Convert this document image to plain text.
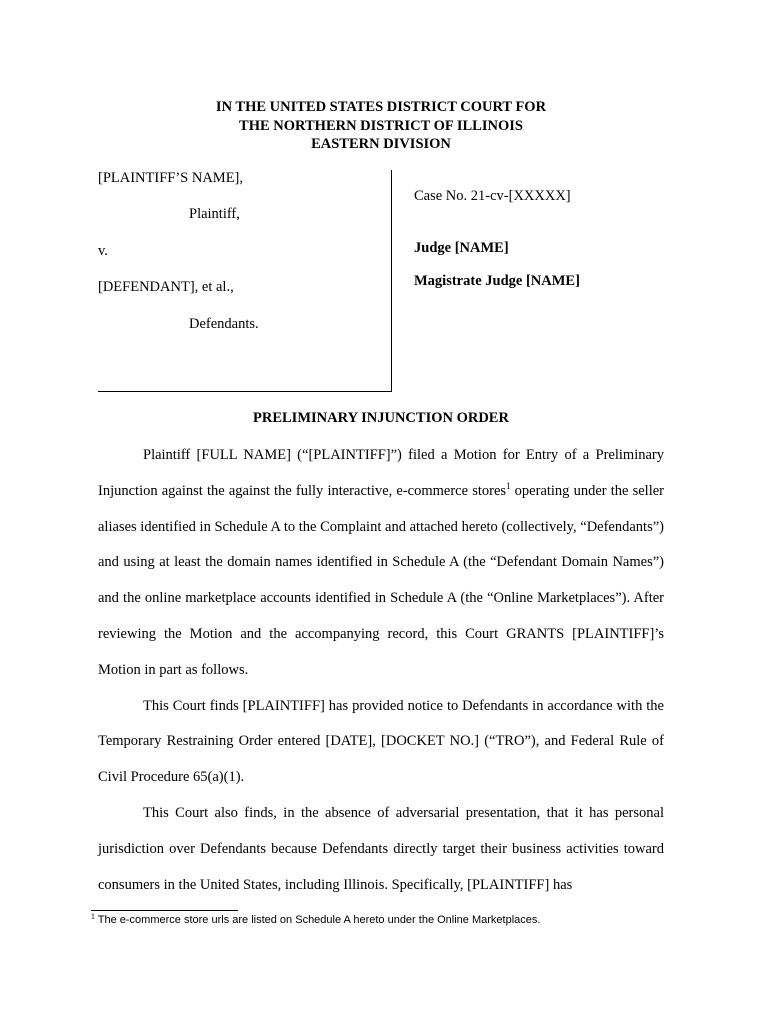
IN THE UNITED STATES DISTRICT COURT FOR
THE NORTHERN DISTRICT OF ILLINOIS
EASTERN DIVISION
[PLAINTIFF’S NAME],
Plaintiff,
v.
[DEFENDANT], et al.,
Defendants.
Case No. 21-cv-[XXXXX]
Judge [NAME]
Magistrate Judge [NAME]
PRELIMINARY INJUNCTION ORDER

Plaintiff [FULL NAME] (“[PLAINTIFF]”) filed a Motion for Entry of a Preliminary Injunction against the against the fully interactive, e-commerce stores$^1$ operating under the seller aliases identified in Schedule A to the Complaint and attached hereto (collectively, “Defendants”) and using at least the domain names identified in Schedule A (the “Defendant Domain Names”) and the online marketplace accounts identified in Schedule A (the “Online Marketplaces”). After reviewing the Motion and the accompanying record, this Court GRANTS [PLAINTIFF]’s Motion in part as follows.

This Court finds [PLAINTIFF] has provided notice to Defendants in accordance with the Temporary Restraining Order entered [DATE], [DOCKET NO.] (“TRO”), and Federal Rule of Civil Procedure 65(a)(1).

This Court also finds, in the absence of adversarial presentation, that it has personal jurisdiction over Defendants because Defendants directly target their business activities toward consumers in the United States, including Illinois. Specifically, [PLAINTIFF] has

$^1$ The e-commerce store urls are listed on Schedule A hereto under the Online Marketplaces.
